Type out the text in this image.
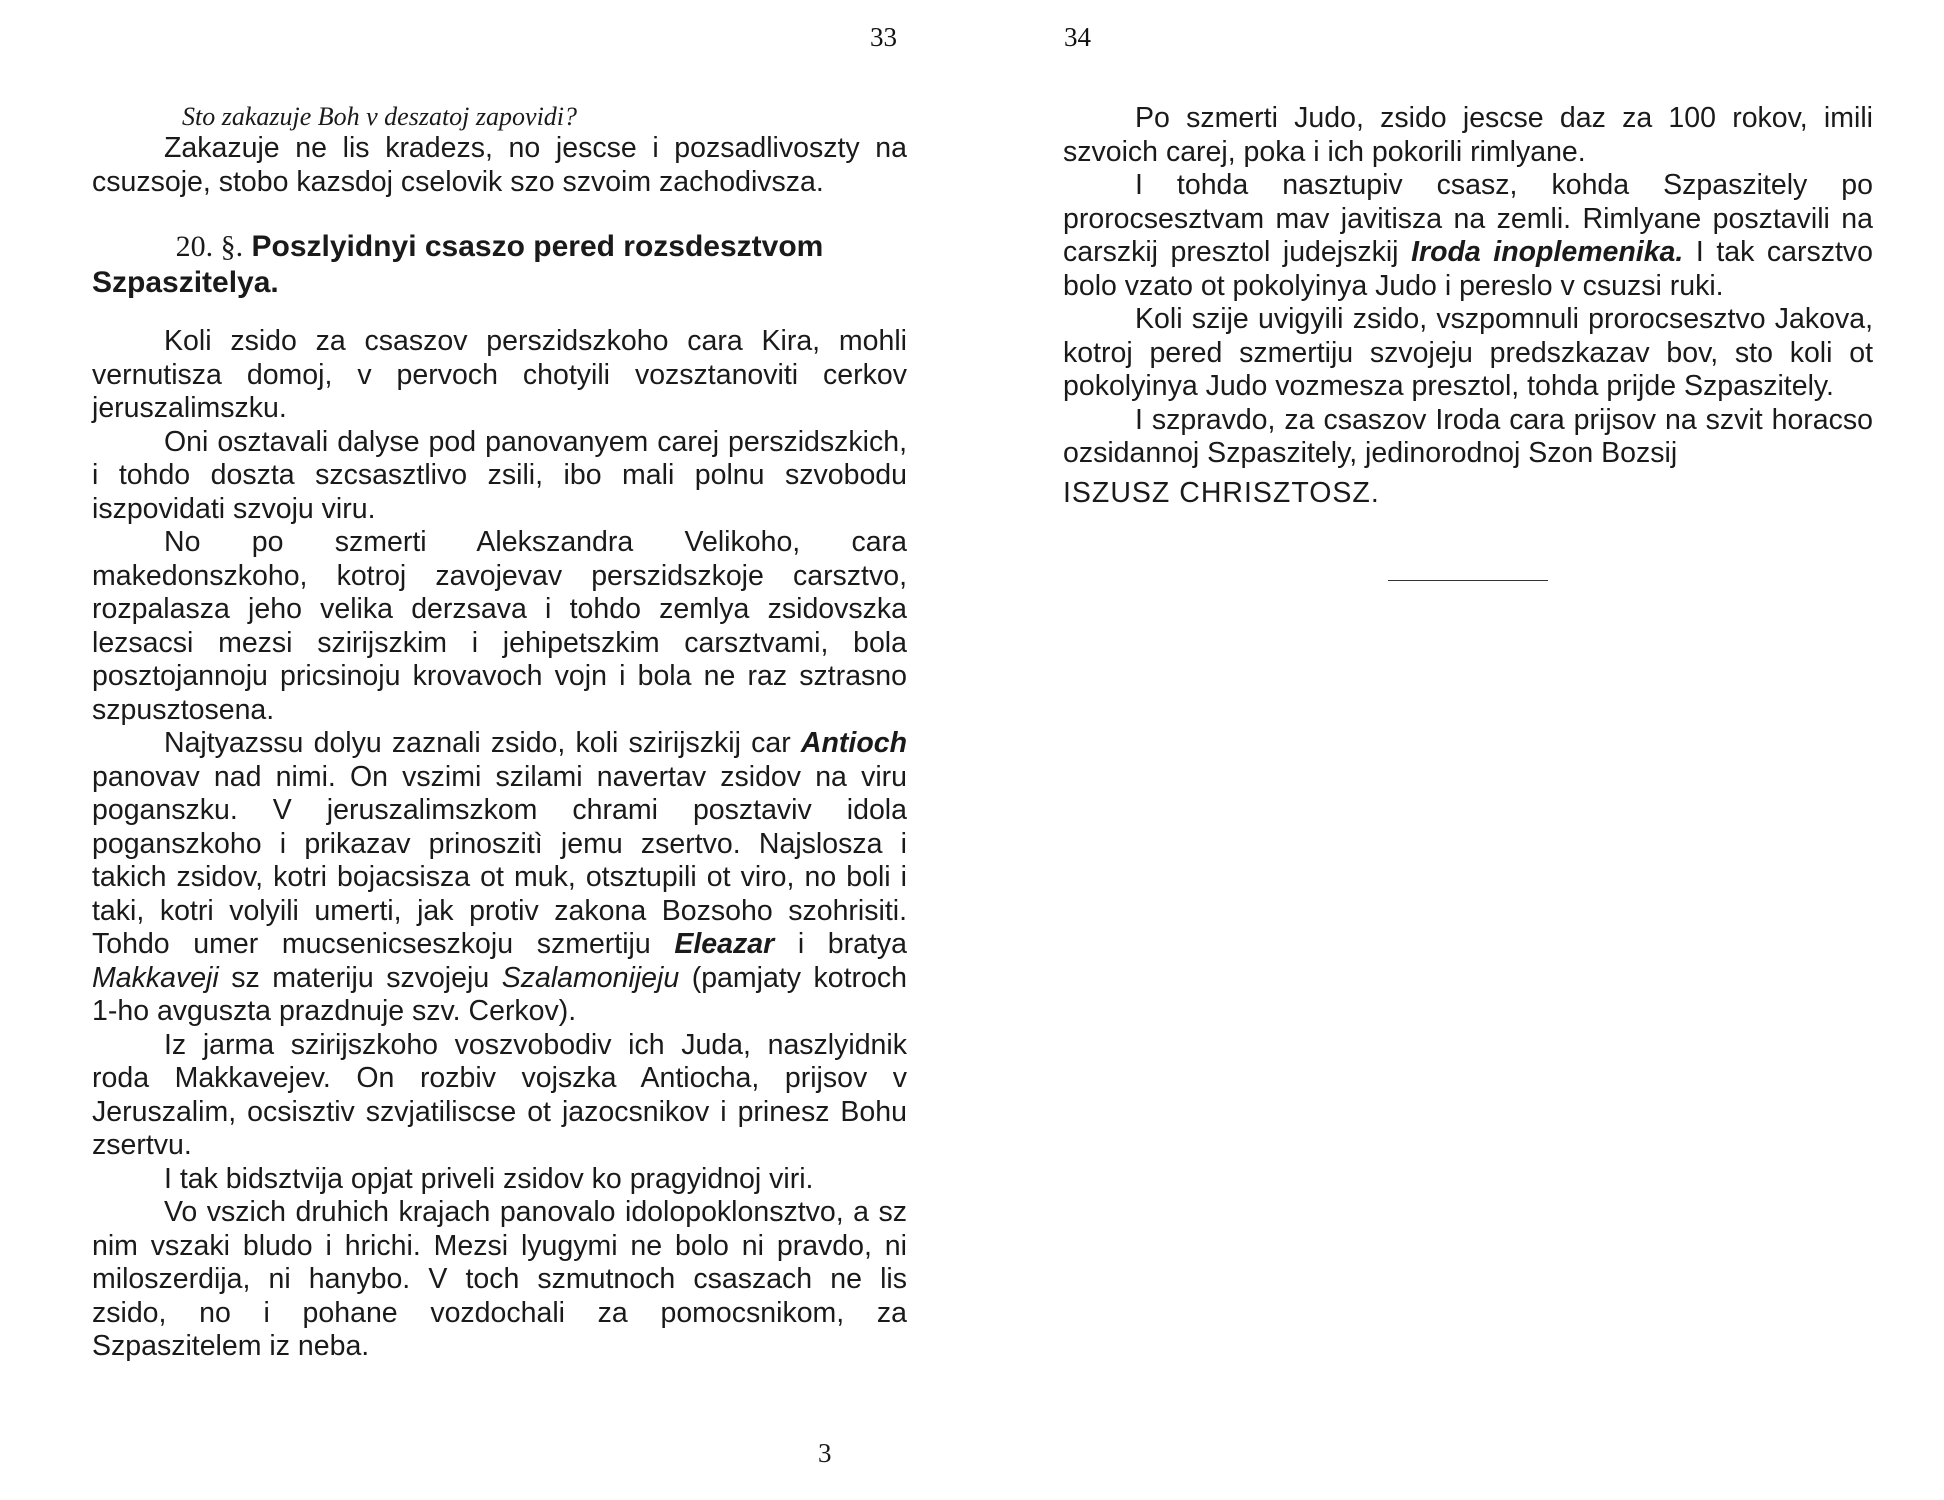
33

Sto zakazuje Boh v deszatoj zapovidi?

Zakazuje ne lis kradezs, no jescse i pozsadlivoszty na csuzsoje, stobo kazsdoj cselovik szo szvoim zachodivsza.

20. §. Poszlyidnyi csaszo pered rozsdesztvom Szpaszitelya.

Koli zsido za csaszov perszidszkoho cara Kira, mohli vernutisza domoj, v pervoch chotyili vozsztanoviti cerkov jeruszalimszku.

Oni osztavali dalyse pod panovanyem carej perszidszkich, i tohdo doszta szcsasztlivo zsili, ibo mali polnu szvobodu iszpovidati szvoju viru.

No po szmerti Alekszandra Velikoho, cara makedonszkoho, kotroj zavojevav perszidszkoje carsztvo, rozpalasza jeho velika derzsava i tohdo zemlya zsidovszka lezsacsi mezsi szirijszkim i jehipetszkim carsztvami, bola posztojannoju pricsinoju krovavoch vojn i bola ne raz sztrasno szpusztosena.

Najtyazssu dolyu zaznali zsido, koli szirijszkij car Antioch panovav nad nimi. On vszimi szilami navertav zsidov na viru poganszku. V jeruszalimszkom chrami posztaviv idola poganszkoho i prikazav prinoszitì jemu zsertvo. Najsloszа i takich zsidov, kotri bojacsisza ot muk, otsztupili ot viro, no boli i taki, kotri volyili umerti, jak protiv zakona Bozsoho szohrisiti. Tohdo umer mucsenicseszkoju szmertiju Eleazar i bratya Makkaveji sz materiju szvojeju Szalamonijeju (pamjaty kotroch 1-ho avguszta prazdnuje szv. Cerkov).

Iz jarma szirijszkoho voszvobodiv ich Juda, naszlyidnik roda Makkavejev. On rozbiv vojszka Antiocha, prijsov v Jeruszalim, ocsisztiv szvjatiliscse ot jazocsnikov i prinesz Bohu zsertvu.

I tak bidsztvija opjat priveli zsidov ko pragyidnoj viri.

Vo vszich druhich krajach panovalo idolopoklonsztvo, a sz nim vszaki bludo i hrichi. Mezsi lyugymi ne bolo ni pravdo, ni miloszerdija, ni hanybo. V toch szmutnoch csaszach ne lis zsido, no i pohane vozdochali za pomocsnikom, za Szpaszitelem iz neba.

3
34

Po szmerti Judo, zsido jescse daz za 100 rokov, imili szvoich carej, poka i ich pokorili rimlyane.

I tohda nasztupiv csasz, kohda Szpaszitely po prorocsesztvam mav javitisza na zemli. Rimlyane posztavili na carszkij presztol judejszkij Iroda inoplemenika. I tak carsztvo bolo vzato ot pokolyinya Judo i pereslo v csuzsi ruki.

Koli szije uvigyili zsido, vszpomnuli prorocsesztvo Jakova, kotroj pered szmertiju szvojeju predszkazav bov, sto koli ot pokolyinya Judo vozmesza presztol, tohda prijde Szpaszitely.

I szpravdo, za csaszov Iroda cara prijsov na szvit horacso ozsidannoj Szpaszitely, jedinorodnoj Szon Bozsij

ISZUSZ CHRISZTOSZ.
